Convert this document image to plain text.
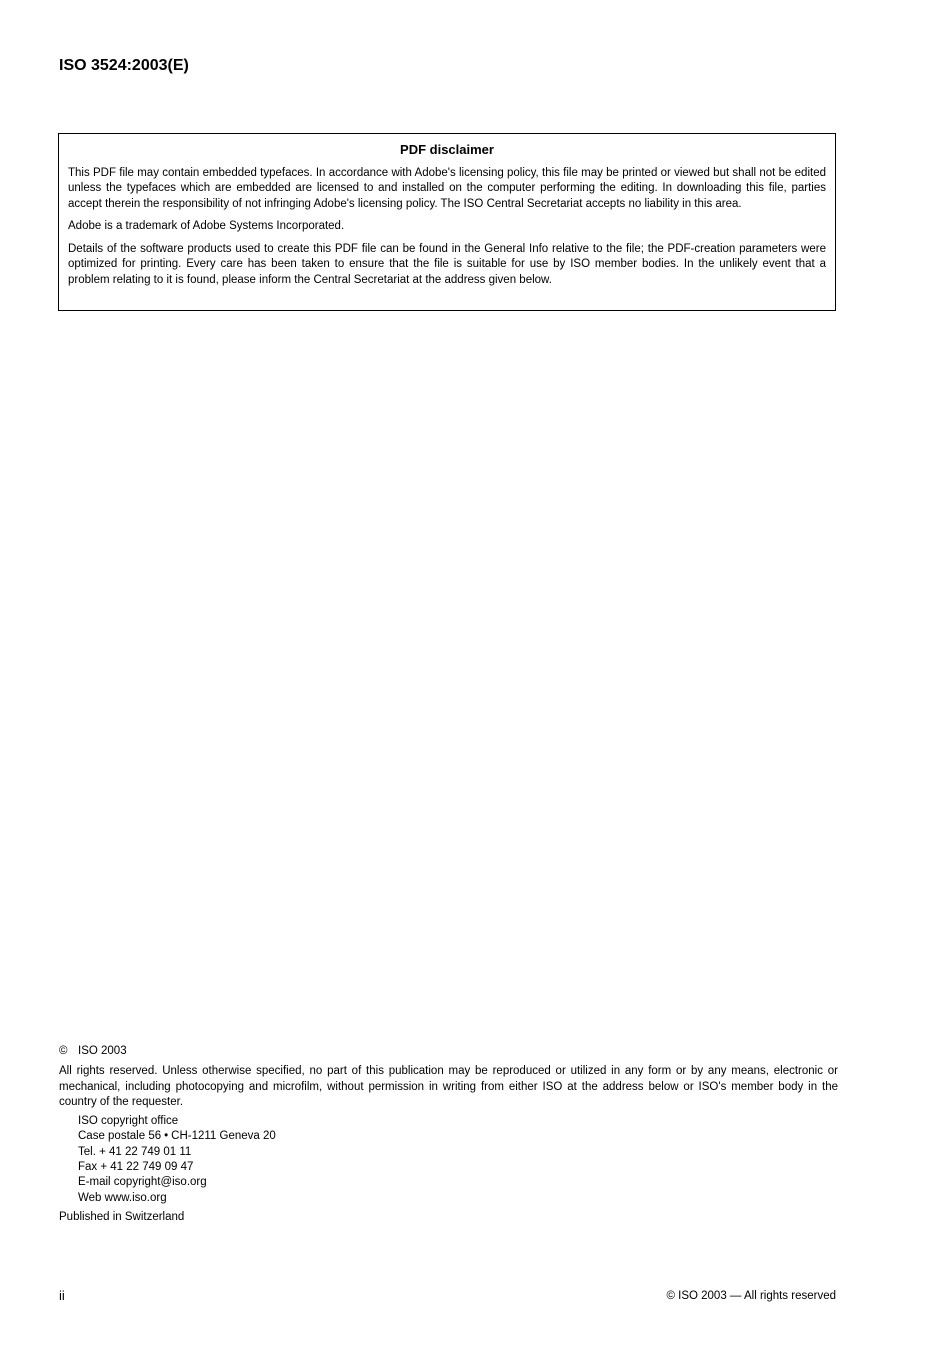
ISO 3524:2003(E)

PDF disclaimer

This PDF file may contain embedded typefaces. In accordance with Adobe's licensing policy, this file may be printed or viewed but shall not be edited unless the typefaces which are embedded are licensed to and installed on the computer performing the editing. In downloading this file, parties accept therein the responsibility of not infringing Adobe's licensing policy. The ISO Central Secretariat accepts no liability in this area.

Adobe is a trademark of Adobe Systems Incorporated.

Details of the software products used to create this PDF file can be found in the General Info relative to the file; the PDF-creation parameters were optimized for printing. Every care has been taken to ensure that the file is suitable for use by ISO member bodies. In the unlikely event that a problem relating to it is found, please inform the Central Secretariat at the address given below.

© ISO 2003

All rights reserved. Unless otherwise specified, no part of this publication may be reproduced or utilized in any form or by any means, electronic or mechanical, including photocopying and microfilm, without permission in writing from either ISO at the address below or ISO's member body in the country of the requester.

ISO copyright office

Case postale 56 • CH-1211 Geneva 20

Tel. + 41 22 749 01 11

Fax + 41 22 749 09 47

E-mail copyright@iso.org

Web www.iso.org

Published in Switzerland

ii	© ISO 2003 — All rights reserved
